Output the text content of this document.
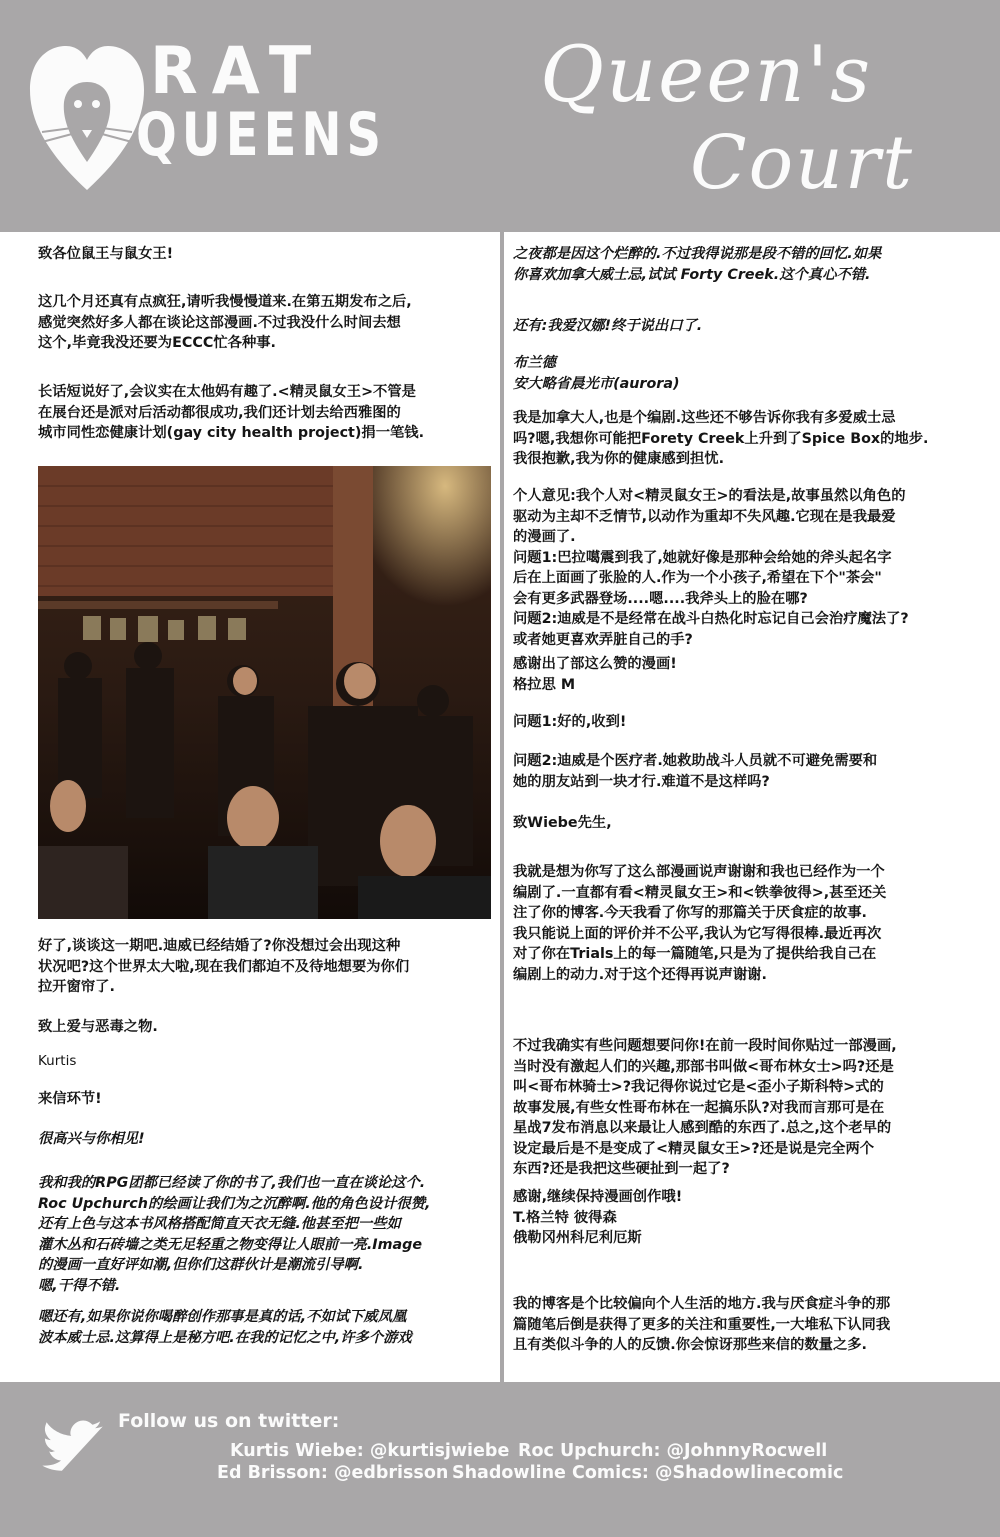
RAT
QUEENS
Queen's
Court
致各位鼠王与鼠女王!
这几个月还真有点疯狂,请听我慢慢道来.在第五期发布之后,
感觉突然好多人都在谈论这部漫画.不过我没什么时间去想
这个,毕竟我没还要为ECCC忙各种事.
长话短说好了,会议实在太他妈有趣了.<精灵鼠女王>不管是
在展台还是派对后活动都很成功,我们还计划去给西雅图的
城市同性恋健康计划(gay city health project)捐一笔钱.
好了,谈谈这一期吧.迪威已经结婚了?你没想过会出现这种
状况吧?这个世界太大啦,现在我们都迫不及待地想要为你们
拉开窗帘了.
致上爱与恶毒之物.
Kurtis
来信环节!
很高兴与你相见!
我和我的RPG团都已经读了你的书了,我们也一直在谈论这个.
Roc Upchurch的绘画让我们为之沉醉啊.他的角色设计很赞,
还有上色与这本书风格搭配简直天衣无缝.他甚至把一些如
灌木丛和石砖墙之类无足轻重之物变得让人眼前一亮.Image
的漫画一直好评如潮,但你们这群伙计是潮流引导啊.
嗯,干得不错.
嗯还有,如果你说你喝醉创作那事是真的话,不如试下威凤凰
波本威士忌.这算得上是秘方吧.在我的记忆之中,许多个游戏
之夜都是因这个烂醉的.不过我得说那是段不错的回忆.如果
你喜欢加拿大威士忌,试试 Forty Creek.这个真心不错.
还有:我爱汉娜!终于说出口了.
布兰德
安大略省晨光市(aurora)
我是加拿大人,也是个编剧.这些还不够告诉你我有多爱威士忌
吗?嗯,我想你可能把Forety Creek上升到了Spice Box的地步.
我很抱歉,我为你的健康感到担忧.
个人意见:我个人对<精灵鼠女王>的看法是,故事虽然以角色的
驱动为主却不乏情节,以动作为重却不失风趣.它现在是我最爱
的漫画了.
问题1:巴拉噶震到我了,她就好像是那种会给她的斧头起名字
后在上面画了张脸的人.作为一个小孩子,希望在下个"茶会"
会有更多武器登场....嗯....我斧头上的脸在哪?
问题2:迪威是不是经常在战斗白热化时忘记自己会治疗魔法了?
或者她更喜欢弄脏自己的手?
感谢出了部这么赞的漫画!
格拉思 M
问题1:好的,收到!
问题2:迪威是个医疗者.她救助战斗人员就不可避免需要和
她的朋友站到一块才行.难道不是这样吗?
致Wiebe先生,
我就是想为你写了这么部漫画说声谢谢和我也已经作为一个
编剧了.一直都有看<精灵鼠女王>和<铁拳彼得>,甚至还关
注了你的博客.今天我看了你写的那篇关于厌食症的故事.
我只能说上面的评价并不公平,我认为它写得很棒.最近再次
对了你在Trials上的每一篇随笔,只是为了提供给我自己在
编剧上的动力.对于这个还得再说声谢谢.
不过我确实有些问题想要问你!在前一段时间你贴过一部漫画,
当时没有激起人们的兴趣,那部书叫做<哥布林女士>吗?还是
叫<哥布林骑士>?我记得你说过它是<歪小子斯科特>式的
故事发展,有些女性哥布林在一起搞乐队?对我而言那可是在
星战7发布消息以来最让人感到酷的东西了.总之,这个老早的
设定最后是不是变成了<精灵鼠女王>?还是说是完全两个
东西?还是我把这些硬扯到一起了?
感谢,继续保持漫画创作哦!
T.格兰特 彼得森
俄勒冈州科尼利厄斯
我的博客是个比较偏向个人生活的地方.我与厌食症斗争的那
篇随笔后倒是获得了更多的关注和重要性,一大堆私下认同我
且有类似斗争的人的反馈.你会惊讶那些来信的数量之多.
Follow us on twitter:
Kurtis Wiebe: @kurtisjwiebe Roc Upchurch: @JohnnyRocwell
Ed Brisson: @edbrisson Shadowline Comics: @Shadowlinecomic
